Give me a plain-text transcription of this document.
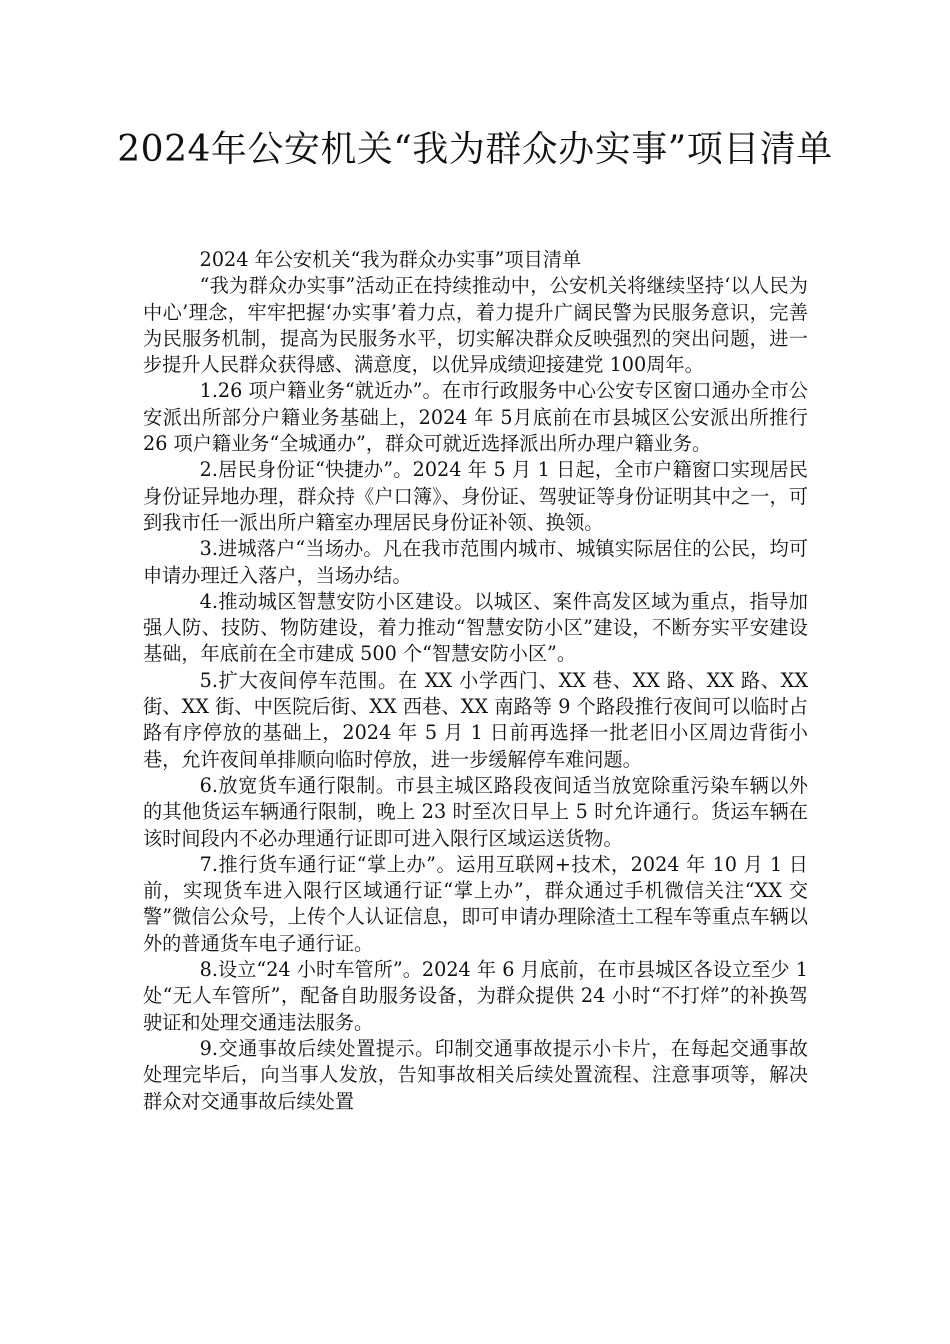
2024年公安机关“我为群众办实事”项目清单

2024 年公安机关“我为群众办实事”项目清单

“我为群众办实事”活动正在持续推动中，公安机关将继续坚持‘以人民为中心’理念，牢牢把握‘办实事’着力点，着力提升广阔民警为民服务意识，完善为民服务机制，提高为民服务水平，切实解决群众反映强烈的突出问题，进一步提升人民群众获得感、满意度，以优异成绩迎接建党 100周年。

1.26 项户籍业务“就近办”。在市行政服务中心公安专区窗口通办全市公安派出所部分户籍业务基础上，2024 年 5月底前在市县城区公安派出所推行 26 项户籍业务“全城通办”，群众可就近选择派出所办理户籍业务。

2.居民身份证“快捷办”。2024 年 5 月 1 日起，全市户籍窗口实现居民身份证异地办理，群众持《户口簿》、身份证、驾驶证等身份证明其中之一，可到我市任一派出所户籍室办理居民身份证补领、换领。

3.进城落户“当场办。凡在我市范围内城市、城镇实际居住的公民，均可申请办理迁入落户，当场办结。

4.推动城区智慧安防小区建设。以城区、案件高发区域为重点，指导加强人防、技防、物防建设，着力推动“智慧安防小区”建设，不断夯实平安建设基础，年底前在全市建成 500 个“智慧安防小区”。

5.扩大夜间停车范围。在 XX 小学西门、XX 巷、XX 路、XX 路、XX 街、XX 街、中医院后街、XX 西巷、XX 南路等 9 个路段推行夜间可以临时占路有序停放的基础上，2024 年 5 月 1 日前再选择一批老旧小区周边背街小巷，允许夜间单排顺向临时停放，进一步缓解停车难问题。

6.放宽货车通行限制。市县主城区路段夜间适当放宽除重污染车辆以外的其他货运车辆通行限制，晚上 23 时至次日早上 5 时允许通行。货运车辆在该时间段内不必办理通行证即可进入限行区域运送货物。

7.推行货车通行证“掌上办”。运用互联网+技术，2024 年 10 月 1 日前，实现货车进入限行区域通行证“掌上办”，群众通过手机微信关注“XX 交警”微信公众号，上传个人认证信息，即可申请办理除渣土工程车等重点车辆以外的普通货车电子通行证。

8.设立“24 小时车管所”。2024 年 6 月底前，在市县城区各设立至少 1 处“无人车管所”，配备自助服务设备，为群众提供 24 小时“不打烊”的补换驾驶证和处理交通违法服务。

9.交通事故后续处置提示。印制交通事故提示小卡片，在每起交通事故处理完毕后，向当事人发放，告知事故相关后续处置流程、注意事项等，解决群众对交通事故后续处置
